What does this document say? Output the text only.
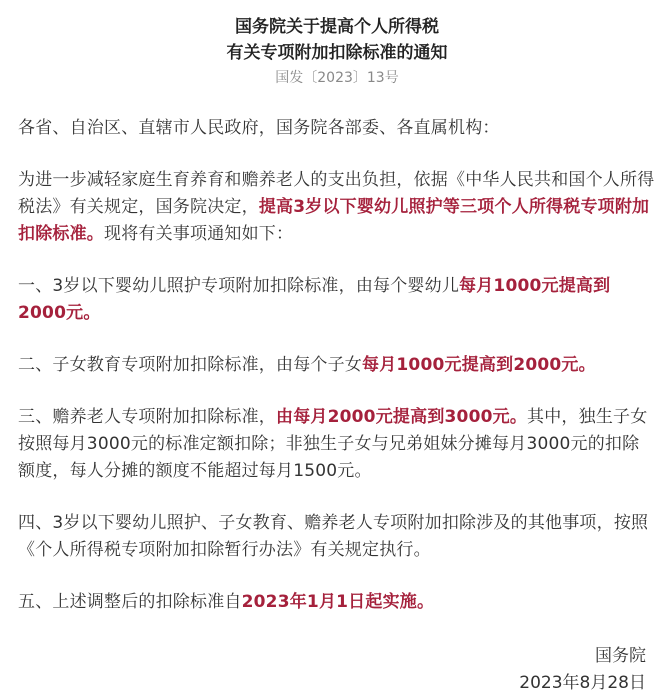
国务院关于提高个人所得税
有关专项附加扣除标准的通知
国发〔2023〕13号

各省、自治区、直辖市人民政府，国务院各部委、各直属机构：

为进一步减轻家庭生育养育和赡养老人的支出负担，依据《中华人民共和国个人所得税法》有关规定，国务院决定，提高3岁以下婴幼儿照护等三项个人所得税专项附加扣除标准。现将有关事项通知如下：

一、3岁以下婴幼儿照护专项附加扣除标准，由每个婴幼儿每月1000元提高到2000元。

二、子女教育专项附加扣除标准，由每个子女每月1000元提高到2000元。

三、赡养老人专项附加扣除标准，由每月2000元提高到3000元。其中，独生子女按照每月3000元的标准定额扣除；非独生子女与兄弟姐妹分摊每月3000元的扣除额度，每人分摊的额度不能超过每月1500元。

四、3岁以下婴幼儿照护、子女教育、赡养老人专项附加扣除涉及的其他事项，按照《个人所得税专项附加扣除暂行办法》有关规定执行。

五、上述调整后的扣除标准自2023年1月1日起实施。

国务院
2023年8月28日
